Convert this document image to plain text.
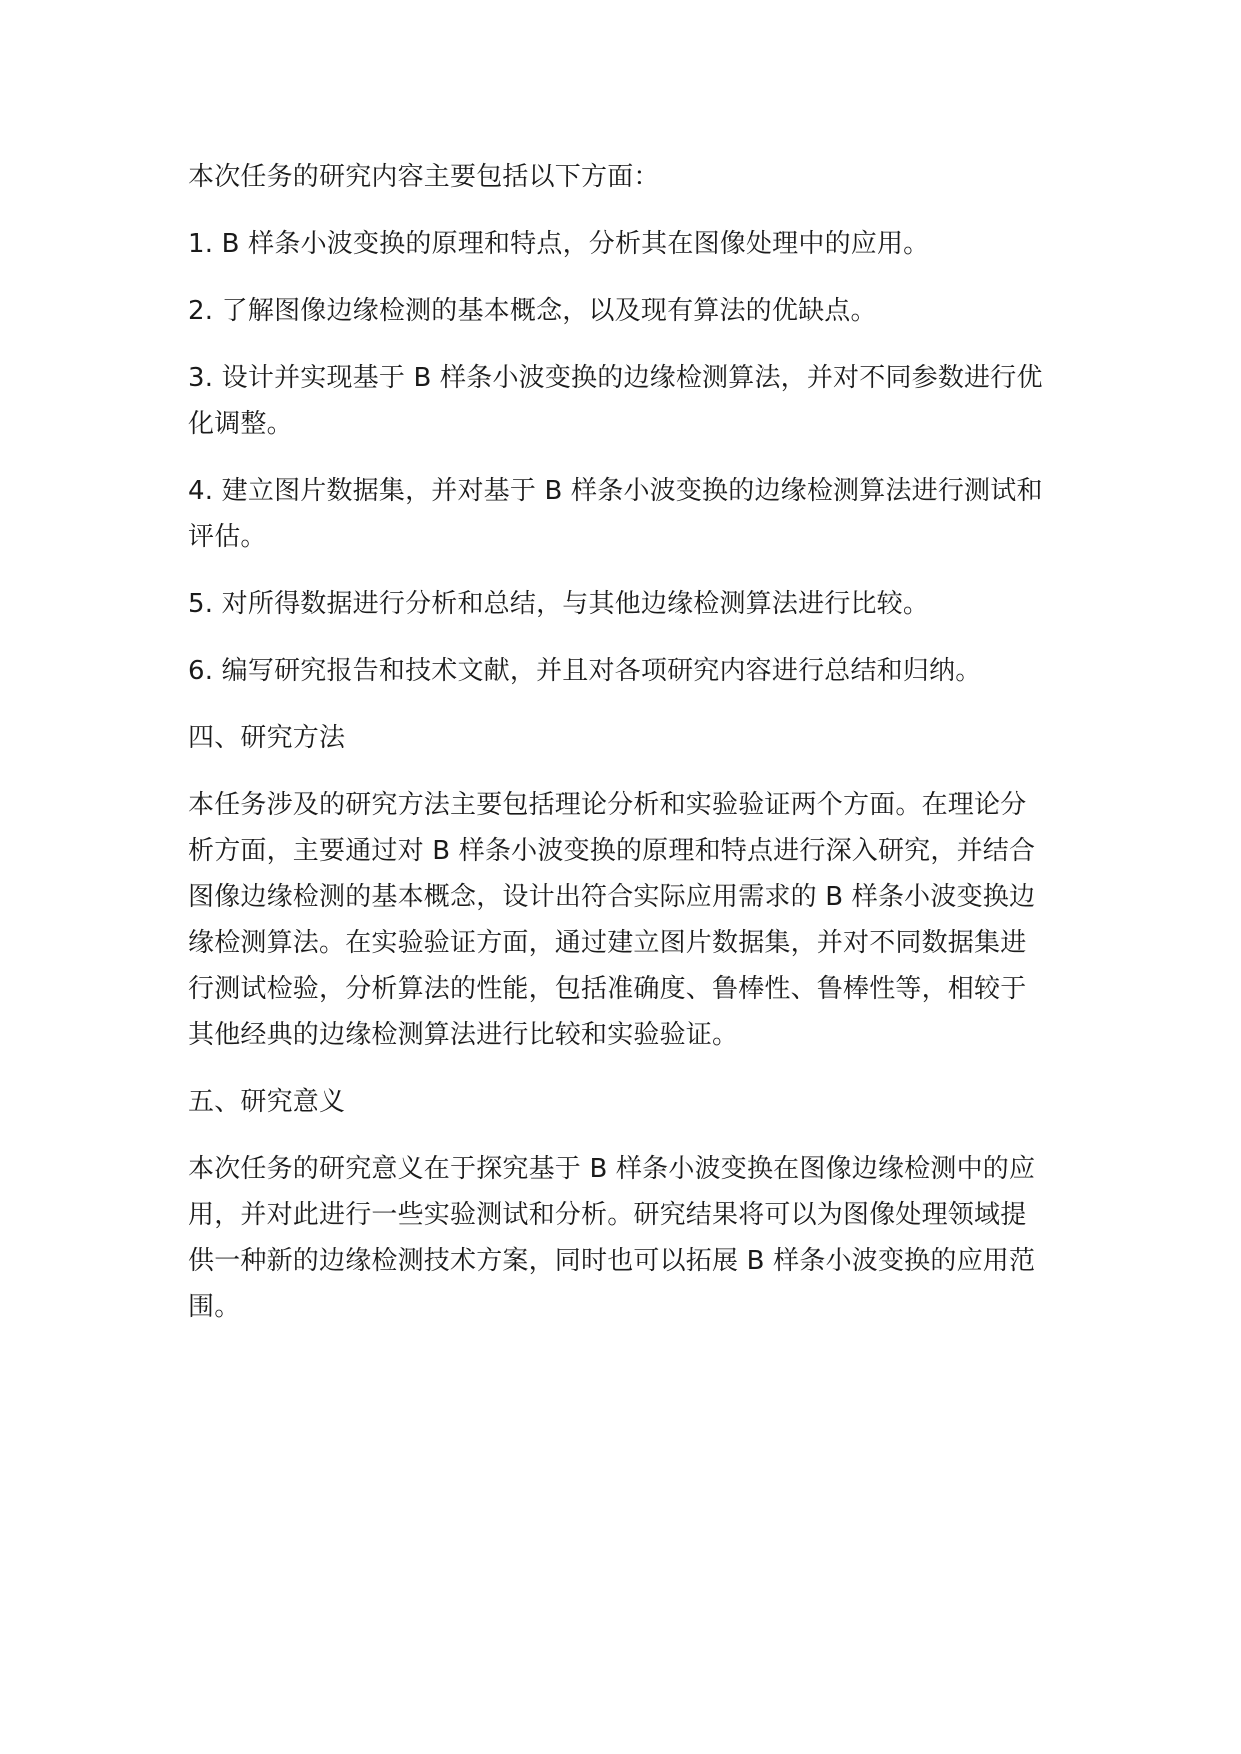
本次任务的研究内容主要包括以下方面：

1. B 样条小波变换的原理和特点，分析其在图像处理中的应用。

2. 了解图像边缘检测的基本概念，以及现有算法的优缺点。

3. 设计并实现基于 B 样条小波变换的边缘检测算法，并对不同参数进行优化调整。

4. 建立图片数据集，并对基于 B 样条小波变换的边缘检测算法进行测试和评估。

5. 对所得数据进行分析和总结，与其他边缘检测算法进行比较。

6. 编写研究报告和技术文献，并且对各项研究内容进行总结和归纳。

四、研究方法

本任务涉及的研究方法主要包括理论分析和实验验证两个方面。在理论分析方面，主要通过对 B 样条小波变换的原理和特点进行深入研究，并结合图像边缘检测的基本概念，设计出符合实际应用需求的 B 样条小波变换边缘检测算法。在实验验证方面，通过建立图片数据集，并对不同数据集进行测试检验，分析算法的性能，包括准确度、鲁棒性、鲁棒性等，相较于其他经典的边缘检测算法进行比较和实验验证。

五、研究意义

本次任务的研究意义在于探究基于 B 样条小波变换在图像边缘检测中的应用，并对此进行一些实验测试和分析。研究结果将可以为图像处理领域提供一种新的边缘检测技术方案，同时也可以拓展 B 样条小波变换的应用范围。
